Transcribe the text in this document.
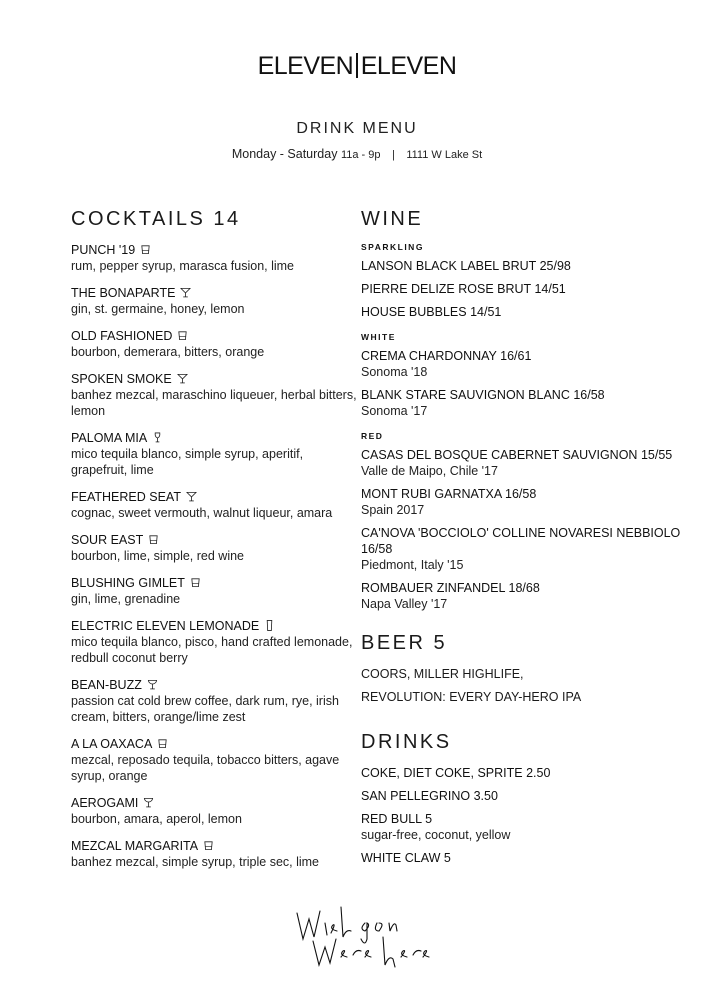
ELEVEN ELEVEN
DRINK MENU
Monday - Saturday 11a - 9p | 1111 W Lake St
COCKTAILS 14
PUNCH '19
rum, pepper syrup, marasca fusion, lime
THE BONAPARTE
gin, st. germaine, honey, lemon
OLD FASHIONED
bourbon, demerara, bitters, orange
SPOKEN SMOKE
banhez mezcal, maraschino liqueuer, herbal bitters, lemon
PALOMA MIA
mico tequila blanco, simple syrup, aperitif, grapefruit, lime
FEATHERED SEAT
cognac, sweet vermouth, walnut liqueur, amara
SOUR EAST
bourbon, lime, simple, red wine
BLUSHING GIMLET
gin, lime, grenadine
ELECTRIC ELEVEN LEMONADE
mico tequila blanco, pisco, hand crafted lemonade, redbull coconut berry
BEAN-BUZZ
passion cat cold brew coffee, dark rum, rye, irish cream, bitters, orange/lime zest
A LA OAXACA
mezcal, reposado tequila, tobacco bitters, agave syrup, orange
AEROGAMI
bourbon, amara, aperol, lemon
MEZCAL MARGARITA
banhez mezcal, simple syrup, triple sec, lime
WINE
SPARKLING
LANSON BLACK LABEL BRUT 25/98
PIERRE DELIZE ROSE BRUT 14/51
HOUSE BUBBLES 14/51
WHITE
CREMA CHARDONNAY 16/61
Sonoma '18
BLANK STARE SAUVIGNON BLANC 16/58
Sonoma '17
RED
CASAS DEL BOSQUE CABERNET SAUVIGNON 15/55
Valle de Maipo, Chile '17
MONT RUBI GARNATXA 16/58
Spain 2017
CA'NOVA 'BOCCIOLO' COLLINE NOVARESI NEBBIOLO 16/58
Piedmont, Italy '15
ROMBAUER ZINFANDEL 18/68
Napa Valley '17
BEER 5
COORS, MILLER HIGHLIFE,
REVOLUTION: EVERY DAY-HERO IPA
DRINKS
COKE, DIET COKE, SPRITE 2.50
SAN PELLEGRINO 3.50
RED BULL 5
sugar-free, coconut, yellow
WHITE CLAW 5
